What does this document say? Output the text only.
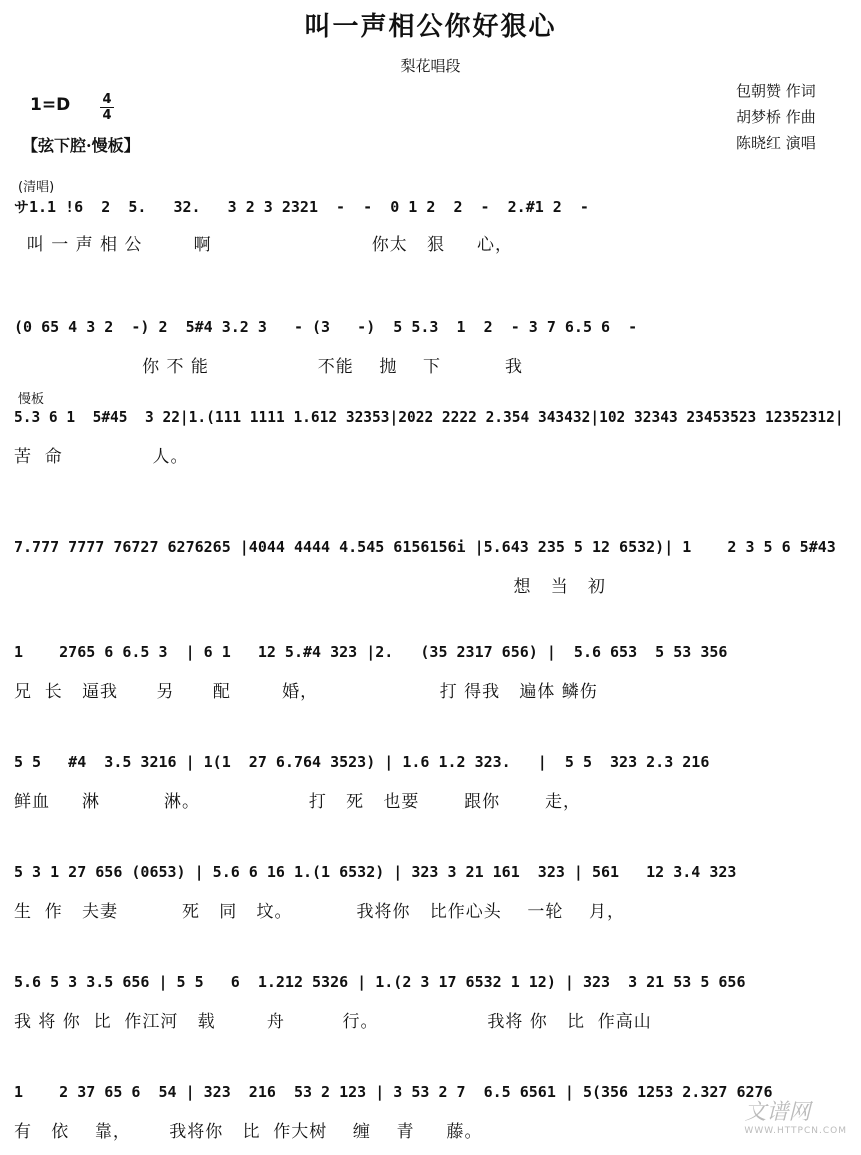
叫一声相公你好狠心
梨花唱段
1=D 4
4
【弦下腔·慢板】
包朝赞 作词
胡梦桥 作曲
陈晓红 演唱
(清唱)
サ1.1 !6  2  5.   32.   3 2 3 2321  -  -  0 1 2  2  -  2.#1 2  -
叫 一 声 相 公        啊                         你太   狠     心，
(0 65 4 3 2  -) 2  5#4 3.2 3   - (3   -)  5 5.3  1  2  - 3 7 6.5 6  -
你 不 能                 不能    抛    下          我
慢板
5.3 6 1  5#45  3 22|1.(111 1111 1.612 32353|2022 2222 2.354 343432|102 32343 23453523 12352312|
苦  命              人。
7.777 7777 76727 6276265 |4044 4444 4.545 6156156i |5.643 235 5 12 6532)| 1    2 3 5 6 5#43
想   当   初
1    2765 6 6.5 3  | 6 1   12 5.#4 323 |2.   (35 2317 656) |  5.6 653  5 53 356
兄  长   逼我      另      配        婚，                   打 得我   遍体 鳞伤
5 5   #4  3.5 3216 | 1(1  27 6.764 3523) | 1.6 1.2 323.   |  5 5  323 2.3 216
鲜血     淋          淋。                 打   死   也要       跟你       走，
5 3 1 27 656 (0653) | 5.6 6 16 1.(1 6532) | 323 3 21 161  323 | 561   12 3.4 323
生  作   夫妻          死   同   坟。          我将你   比作心头    一轮    月，
5.6 5 3 3.5 656 | 5 5   6  1.212 5326 | 1.(2 3 17 6532 1 12) | 323  3 21 53 5 656
我 将 你  比  作江河   载        舟         行。                 我将 你   比  作高山
1    2 37 65 6  54 | 323  216  53 2 123 | 3 53 2 7  6.5 6561 | 5(356 1253 2.327 6276
有   依    靠，      我将你   比  作大树    缠    青     藤。
文谱网
WWW.HTTPCN.COM
